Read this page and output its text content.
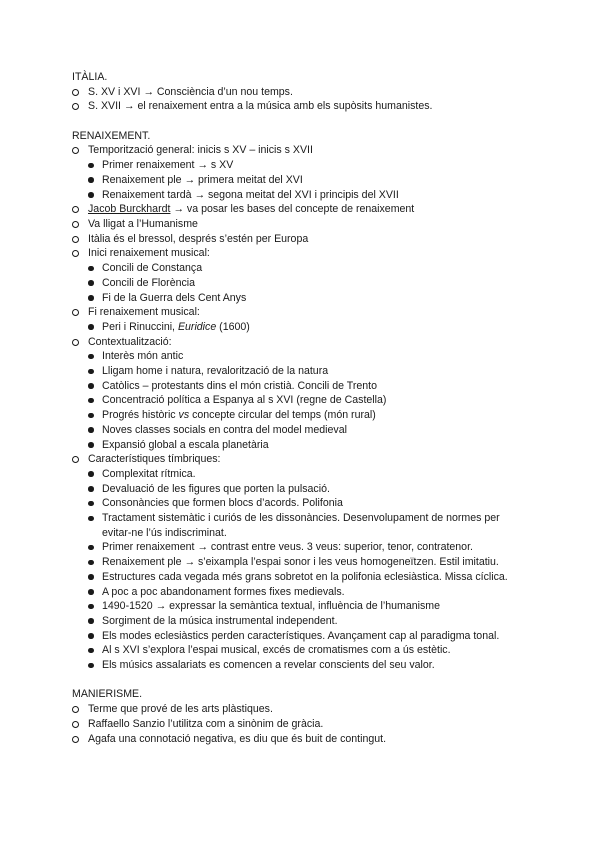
ITÀLIA.
S. XV i XVI → Consciència d’un nou temps.
S. XVII → el renaixement entra a la música amb els supòsits humanistes.
RENAIXEMENT.
Temporització general: inicis s XV – inicis s XVII
Primer renaixement → s XV
Renaixement ple → primera meitat del XVI
Renaixement tardà → segona meitat del XVI i principis del XVII
Jacob Burckhardt → va posar les bases del concepte de renaixement
Va lligat a l’Humanisme
Itàlia és el bressol, després s’estén per Europa
Inici renaixement musical:
Concili de Constança
Concili de Florència
Fi de la Guerra dels Cent Anys
Fi renaixement musical:
Peri i Rinuccini, Euridice (1600)
Contextualització:
Interès món antic
Lligam home i natura, revalorització de la natura
Catòlics – protestants dins el món cristià. Concili de Trento
Concentració política a Espanya al s XVI (regne de Castella)
Progrés històric vs concepte circular del temps (món rural)
Noves classes socials en contra del model medieval
Expansió global a escala planetària
Característiques tímbriques:
Complexitat rítmica.
Devaluació de les figures que porten la pulsació.
Consonàncies que formen blocs d’acords. Polifonia
Tractament sistemàtic i curiós de les dissonàncies. Desenvolupament de normes per
evitar-ne l’ús indiscriminat.
Primer renaixement → contrast entre veus. 3 veus: superior, tenor, contratenor.
Renaixement ple → s’eixampla l’espai sonor i les veus homogeneïtzen. Estil imitatiu.
Estructures cada vegada més grans sobretot en la polifonia eclesiàstica. Missa cíclica.
A poc a poc abandonament formes fixes medievals.
1490-1520 → expressar la semàntica textual, influència de l’humanisme
Sorgiment de la música instrumental independent.
Els modes eclesiàstics perden característiques. Avançament cap al paradigma tonal.
Al s XVI s’explora l’espai musical, excés de cromatismes com a ús estètic.
Els músics assalariats es comencen a revelar conscients del seu valor.
MANIERISME.
Terme que prové de les arts plàstiques.
Raffaello Sanzio l’utilitza com a sinònim de gràcia.
Agafa una connotació negativa, es diu que és buit de contingut.
